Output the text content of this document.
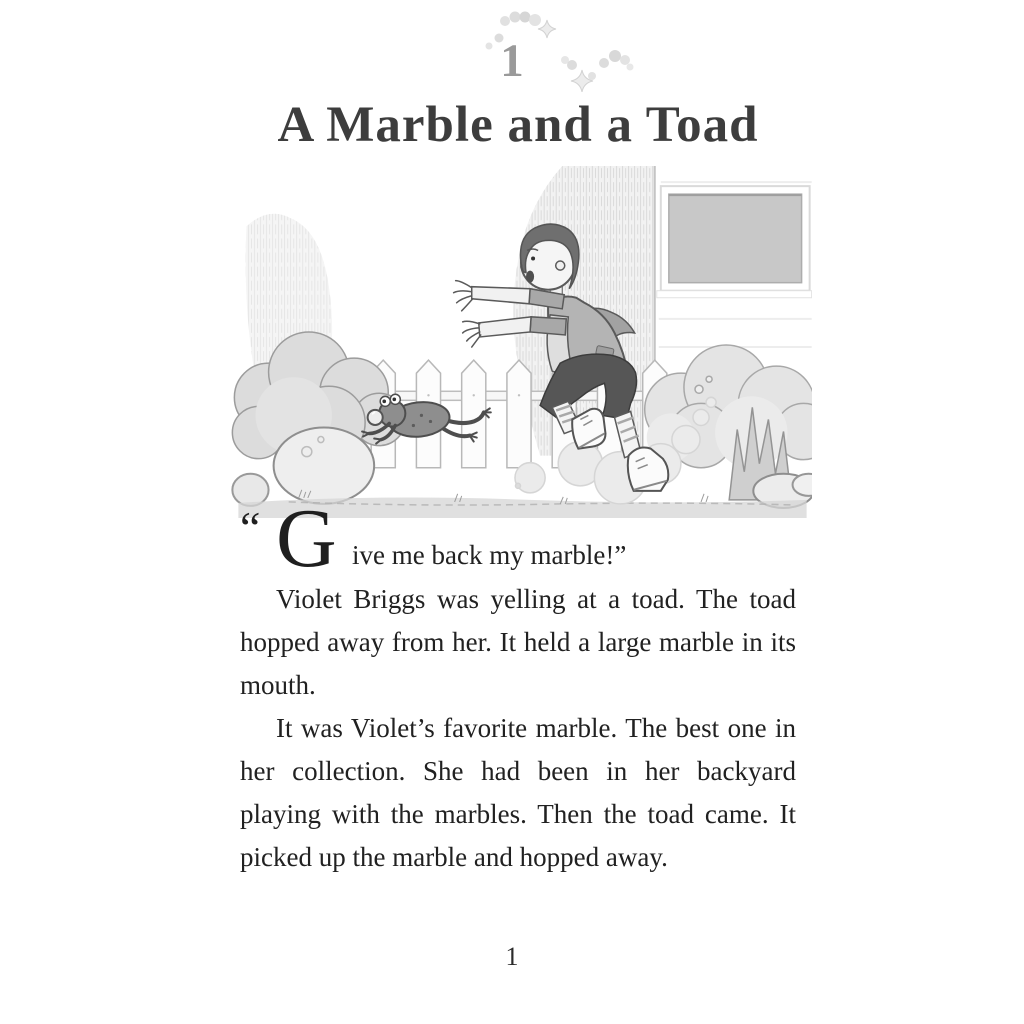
1
A Marble and a Toad

“ G ive me back my marble!”

Violet Briggs was yelling at a toad. The toad hopped away from her. It held a large marble in its mouth.

It was Violet’s favorite marble. The best one in her collection. She had been in her backyard playing with the marbles. Then the toad came. It picked up the marble and hopped away.

1
